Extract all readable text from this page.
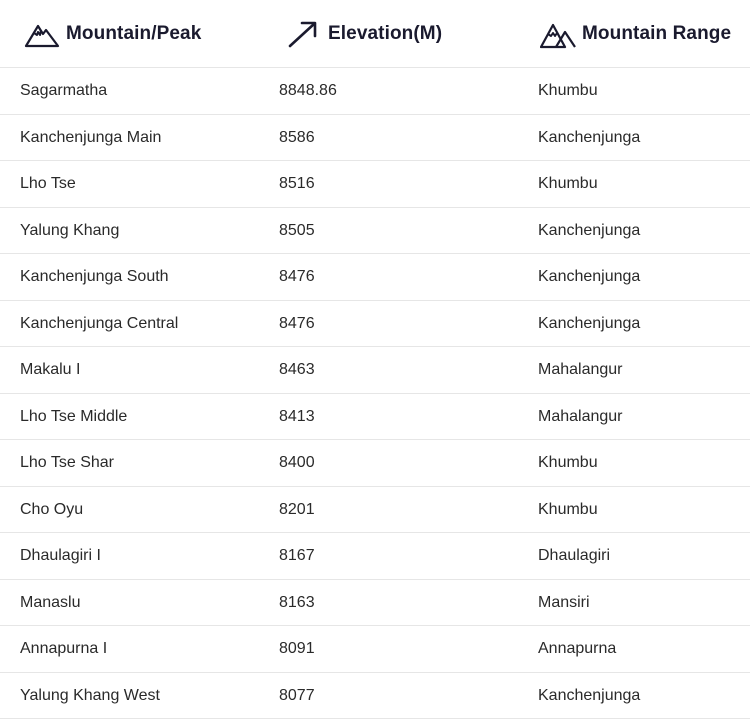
Mountain/Peak	Elevation(M)	Mountain Range
Sagarmatha	8848.86	Khumbu
Kanchenjunga Main	8586	Kanchenjunga
Lho Tse	8516	Khumbu
Yalung Khang	8505	Kanchenjunga
Kanchenjunga South	8476	Kanchenjunga
Kanchenjunga Central	8476	Kanchenjunga
Makalu I	8463	Mahalangur
Lho Tse Middle	8413	Mahalangur
Lho Tse Shar	8400	Khumbu
Cho Oyu	8201	Khumbu
Dhaulagiri I	8167	Dhaulagiri
Manaslu	8163	Mansiri
Annapurna I	8091	Annapurna
Yalung Khang West	8077	Kanchenjunga
